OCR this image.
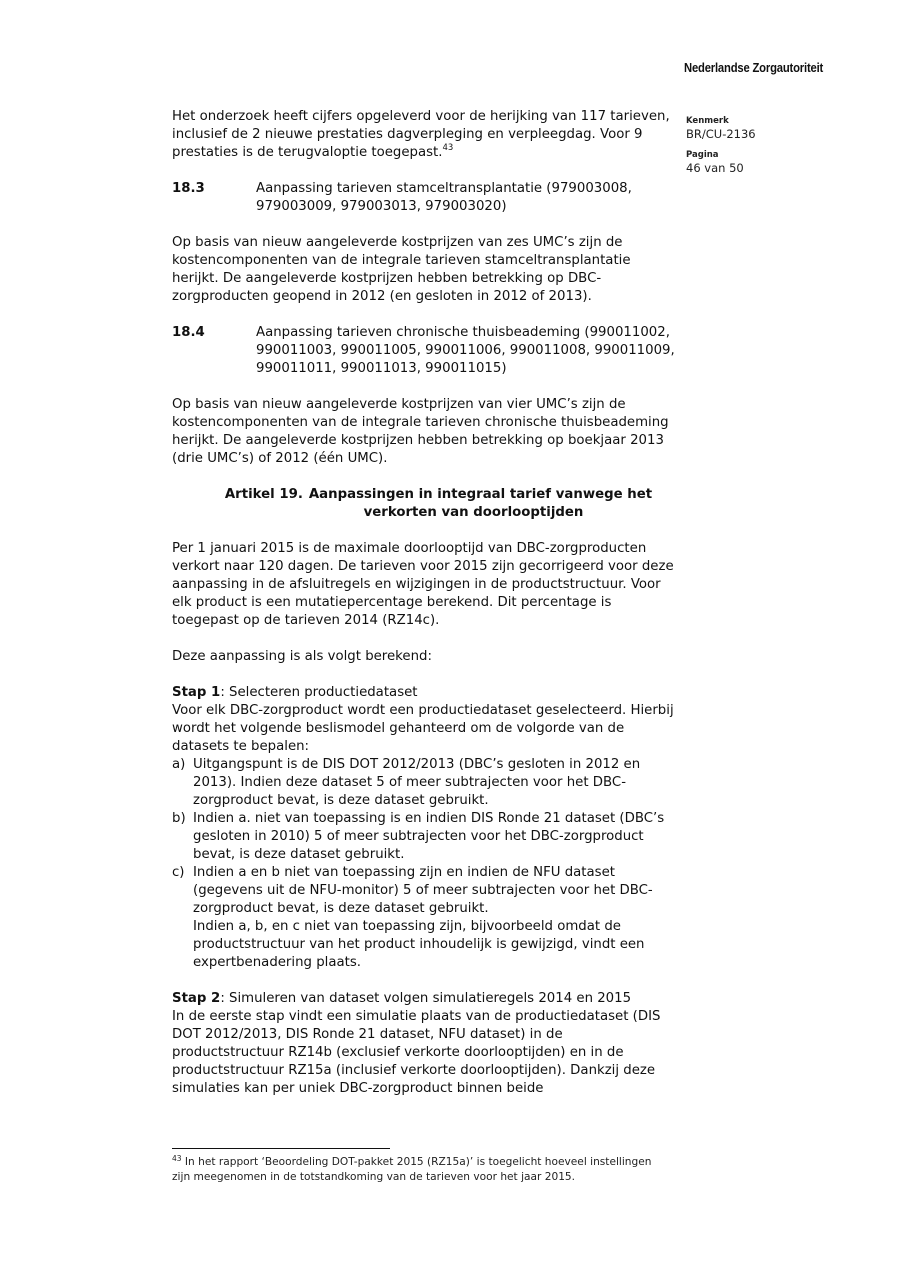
Nederlandse Zorgautoriteit
Kenmerk
BR/CU-2136
Pagina
46 van 50

Het onderzoek heeft cijfers opgeleverd voor de herijking van 117 tarieven, inclusief de 2 nieuwe prestaties dagverpleging en verpleegdag. Voor 9 prestaties is de terugvaloptie toegepast.$^{43}$

18.3	Aanpassing tarieven stamceltransplantatie (979003008, 979003009, 979003013, 979003020)

Op basis van nieuw aangeleverde kostprijzen van zes UMC’s zijn de kostencomponenten van de integrale tarieven stamceltransplantatie herijkt. De aangeleverde kostprijzen hebben betrekking op DBC-zorgproducten geopend in 2012 (en gesloten in 2012 of 2013).

18.4	Aanpassing tarieven chronische thuisbeademing (990011002, 990011003, 990011005, 990011006, 990011008, 990011009, 990011011, 990011013, 990011015)

Op basis van nieuw aangeleverde kostprijzen van vier UMC’s zijn de kostencomponenten van de integrale tarieven chronische thuisbeademing herijkt. De aangeleverde kostprijzen hebben betrekking op boekjaar 2013 (drie UMC’s) of 2012 (één UMC).

Artikel 19. Aanpassingen in integraal tarief vanwege het
verkorten van doorlooptijden

Per 1 januari 2015 is de maximale doorlooptijd van DBC-zorgproducten verkort naar 120 dagen. De tarieven voor 2015 zijn gecorrigeerd voor deze aanpassing in de afsluitregels en wijzigingen in de productstructuur. Voor elk product is een mutatiepercentage berekend. Dit percentage is toegepast op de tarieven 2014 (RZ14c).

Deze aanpassing is als volgt berekend:

Stap 1: Selecteren productiedataset

Voor elk DBC-zorgproduct wordt een productiedataset geselecteerd. Hierbij wordt het volgende beslismodel gehanteerd om de volgorde van de datasets te bepalen:

a) Uitgangspunt is de DIS DOT 2012/2013 (DBC’s gesloten in 2012 en 2013). Indien deze dataset 5 of meer subtrajecten voor het DBC-zorgproduct bevat, is deze dataset gebruikt.
b) Indien a. niet van toepassing is en indien DIS Ronde 21 dataset (DBC’s gesloten in 2010) 5 of meer subtrajecten voor het DBC-zorgproduct bevat, is deze dataset gebruikt.
c) Indien a en b niet van toepassing zijn en indien de NFU dataset (gegevens uit de NFU-monitor) 5 of meer subtrajecten voor het DBC-zorgproduct bevat, is deze dataset gebruikt.

Indien a, b, en c niet van toepassing zijn, bijvoorbeeld omdat de productstructuur van het product inhoudelijk is gewijzigd, vindt een expertbenadering plaats.

Stap 2: Simuleren van dataset volgen simulatieregels 2014 en 2015

In de eerste stap vindt een simulatie plaats van de productiedataset (DIS DOT 2012/2013, DIS Ronde 21 dataset, NFU dataset) in de productstructuur RZ14b (exclusief verkorte doorlooptijden) en in de productstructuur RZ15a (inclusief verkorte doorlooptijden). Dankzij deze simulaties kan per uniek DBC-zorgproduct binnen beide

$^{43}$ In het rapport ‘Beoordeling DOT-pakket 2015 (RZ15a)’ is toegelicht hoeveel instellingen zijn meegenomen in de totstandkoming van de tarieven voor het jaar 2015.
